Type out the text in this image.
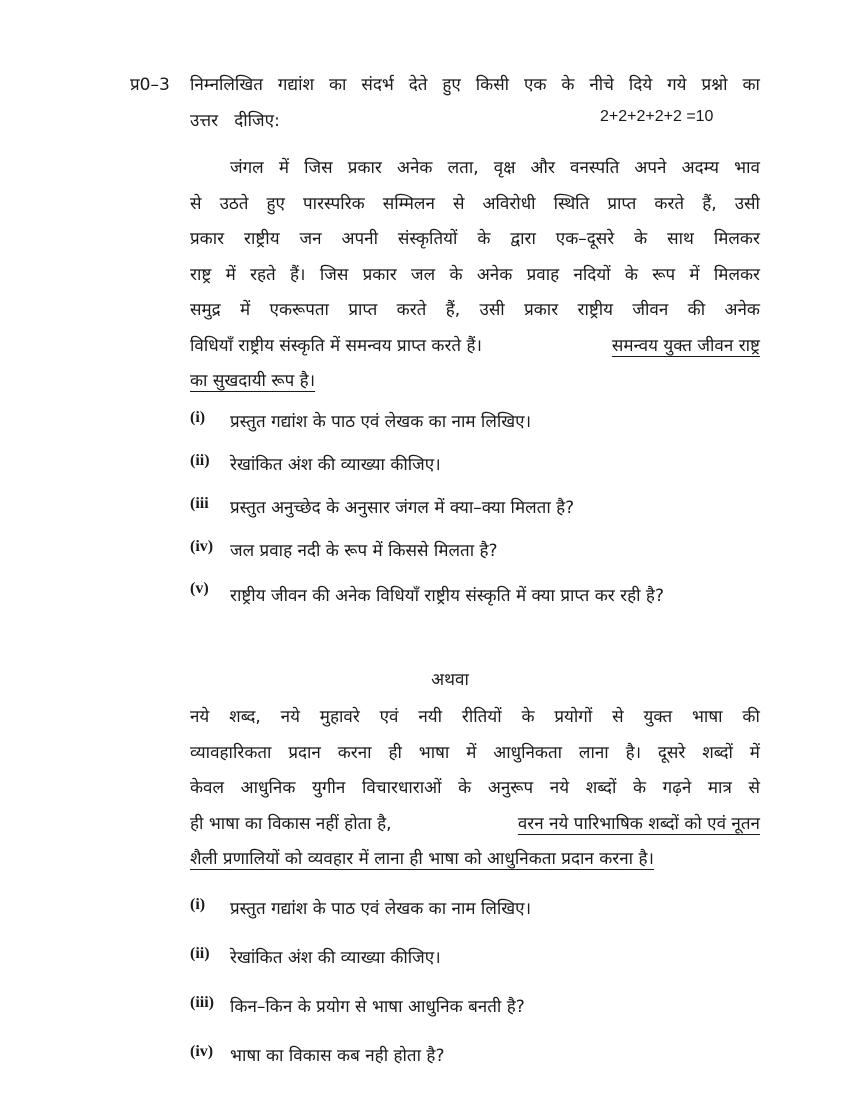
प्र0–3 निम्नलिखित गद्यांश का संदर्भ देते हुए किसी एक के नीचे दिये गये प्रश्नो का
उत्तर   दीजिए:	2+2+2+2+2 =10
जंगल में जिस प्रकार अनेक लता, वृक्ष और वनस्पति अपने अदम्य भाव
से उठते हुए पारस्परिक सम्मिलन से अविरोधी स्थिति प्राप्त करते हैं, उसी
प्रकार राष्ट्रीय जन अपनी संस्कृतियों के द्वारा एक–दूसरे के साथ मिलकर
राष्ट्र में रहते हैं। जिस प्रकार जल के अनेक प्रवाह नदियों के रूप में मिलकर
समुद्र में एकरूपता प्राप्त करते हैं, उसी प्रकार राष्ट्रीय जीवन की अनेक
विधियाँ राष्ट्रीय संस्कृति में समन्वय प्राप्त करते हैं।	समन्वय युक्त जीवन राष्ट्र
का सुखदायी रूप है।
(i) प्रस्तुत गद्यांश के पाठ एवं लेखक का नाम लिखिए।
(ii) रेखांकित अंश की व्याख्या कीजिए।
(iii प्रस्तुत अनुच्छेद के अनुसार जंगल में क्या–क्या मिलता है?
(iv) जल प्रवाह नदी के रूप में किससे मिलता है?
(v) राष्ट्रीय जीवन की अनेक विधियाँ राष्ट्रीय संस्कृति में क्या प्राप्त कर रही है?
अथवा
नये शब्द, नये मुहावरे एवं नयी रीतियों के प्रयोगों से युक्त भाषा की
व्यावहारिकता प्रदान करना ही भाषा में आधुनिकता लाना है। दूसरे शब्दों में
केवल आधुनिक युगीन विचारधाराओं के अनुरूप नये शब्दों के गढ़ने मात्र से
ही भाषा का विकास नहीं होता है,	वरन नये पारिभाषिक शब्दों को एवं नूतन
शैली प्रणालियों को व्यवहार में लाना ही भाषा को आधुनिकता प्रदान करना है।
(i) प्रस्तुत गद्यांश के पाठ एवं लेखक का नाम लिखिए।
(ii) रेखांकित अंश की व्याख्या कीजिए।
(iii) किन–किन के प्रयोग से भाषा आधुनिक बनती है?
(iv) भाषा का विकास कब नही होता है?
